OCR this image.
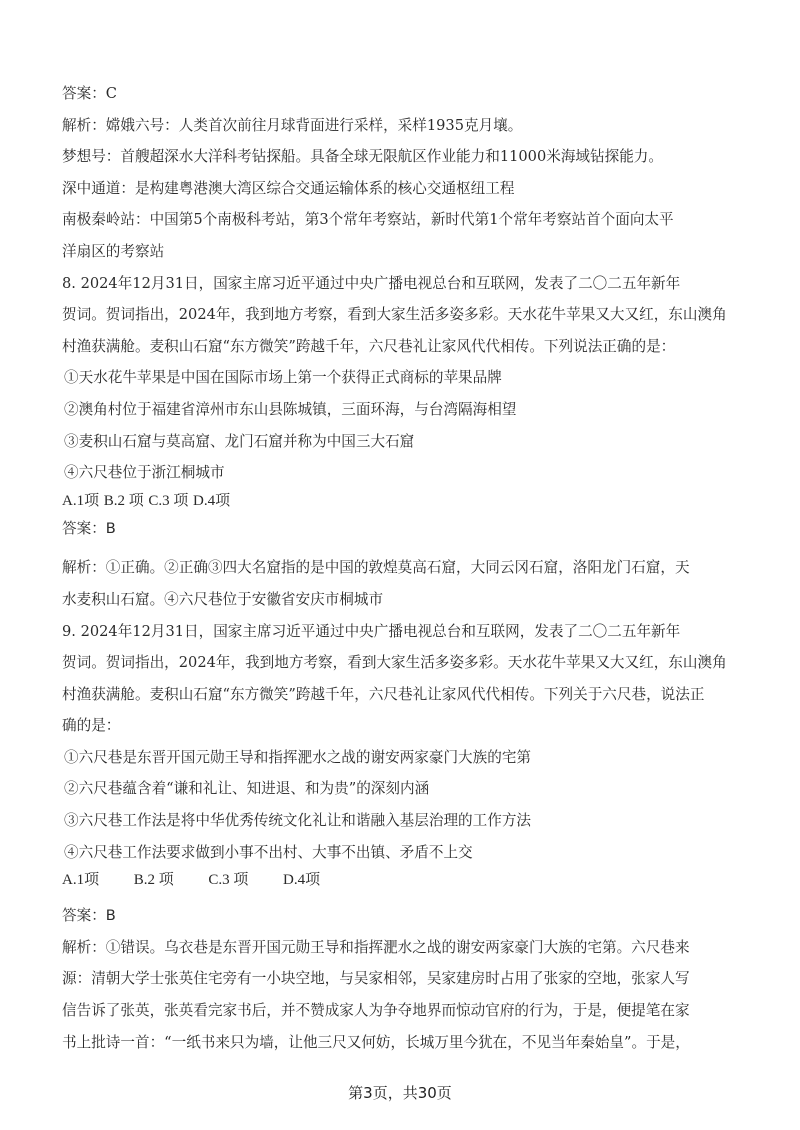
答案：C
解析：嫦娥六号：人类首次前往月球背面进行采样，采样1935克月壤。
梦想号：首艘超深水大洋科考钻探船。具备全球无限航区作业能力和11000米海域钻探能力。
深中通道：是构建粤港澳大湾区综合交通运输体系的核心交通枢纽工程
南极秦岭站：中国第5个南极科考站，第3个常年考察站，新时代第1个常年考察站首个面向太平
洋扇区的考察站
8. 2024年12月31日，国家主席习近平通过中央广播电视总台和互联网，发表了二〇二五年新年
贺词。贺词指出，2024年，我到地方考察，看到大家生活多姿多彩。天水花牛苹果又大又红，东山澳角
村渔获满舱。麦积山石窟“东方微笑”跨越千年，六尺巷礼让家风代代相传。下列说法正确的是：
①天水花牛苹果是中国在国际市场上第一个获得正式商标的苹果品牌
②澳角村位于福建省漳州市东山县陈城镇，三面环海，与台湾隔海相望
③麦积山石窟与莫高窟、龙门石窟并称为中国三大石窟
④六尺巷位于浙江桐城市
A.1项 B.2 项 C.3 项 D.4项
答案：B
解析：①正确。②正确③四大名窟指的是中国的敦煌莫高石窟，大同云冈石窟，洛阳龙门石窟，天
水麦积山石窟。④六尺巷位于安徽省安庆市桐城市
9. 2024年12月31日，国家主席习近平通过中央广播电视总台和互联网，发表了二〇二五年新年
贺词。贺词指出，2024年，我到地方考察，看到大家生活多姿多彩。天水花牛苹果又大又红，东山澳角
村渔获满舱。麦积山石窟“东方微笑”跨越千年，六尺巷礼让家风代代相传。下列关于六尺巷，说法正
确的是：
①六尺巷是东晋开国元勋王导和指挥淝水之战的谢安两家豪门大族的宅第
②六尺巷蕴含着“谦和礼让、知进退、和为贵”的深刻内涵
③六尺巷工作法是将中华优秀传统文化礼让和谐融入基层治理的工作方法
④六尺巷工作法要求做到小事不出村、大事不出镇、矛盾不上交
A.1项 B.2 项 C.3 项 D.4项
答案：B
解析：①错误。乌衣巷是东晋开国元勋王导和指挥淝水之战的谢安两家豪门大族的宅第。六尺巷来
源：清朝大学士张英住宅旁有一小块空地，与吴家相邻，吴家建房时占用了张家的空地，张家人写
信告诉了张英，张英看完家书后，并不赞成家人为争夺地界而惊动官府的行为，于是，便提笔在家
书上批诗一首：“一纸书来只为墙，让他三尺又何妨，长城万里今犹在，不见当年秦始皇”。于是，
第3页，共30页
